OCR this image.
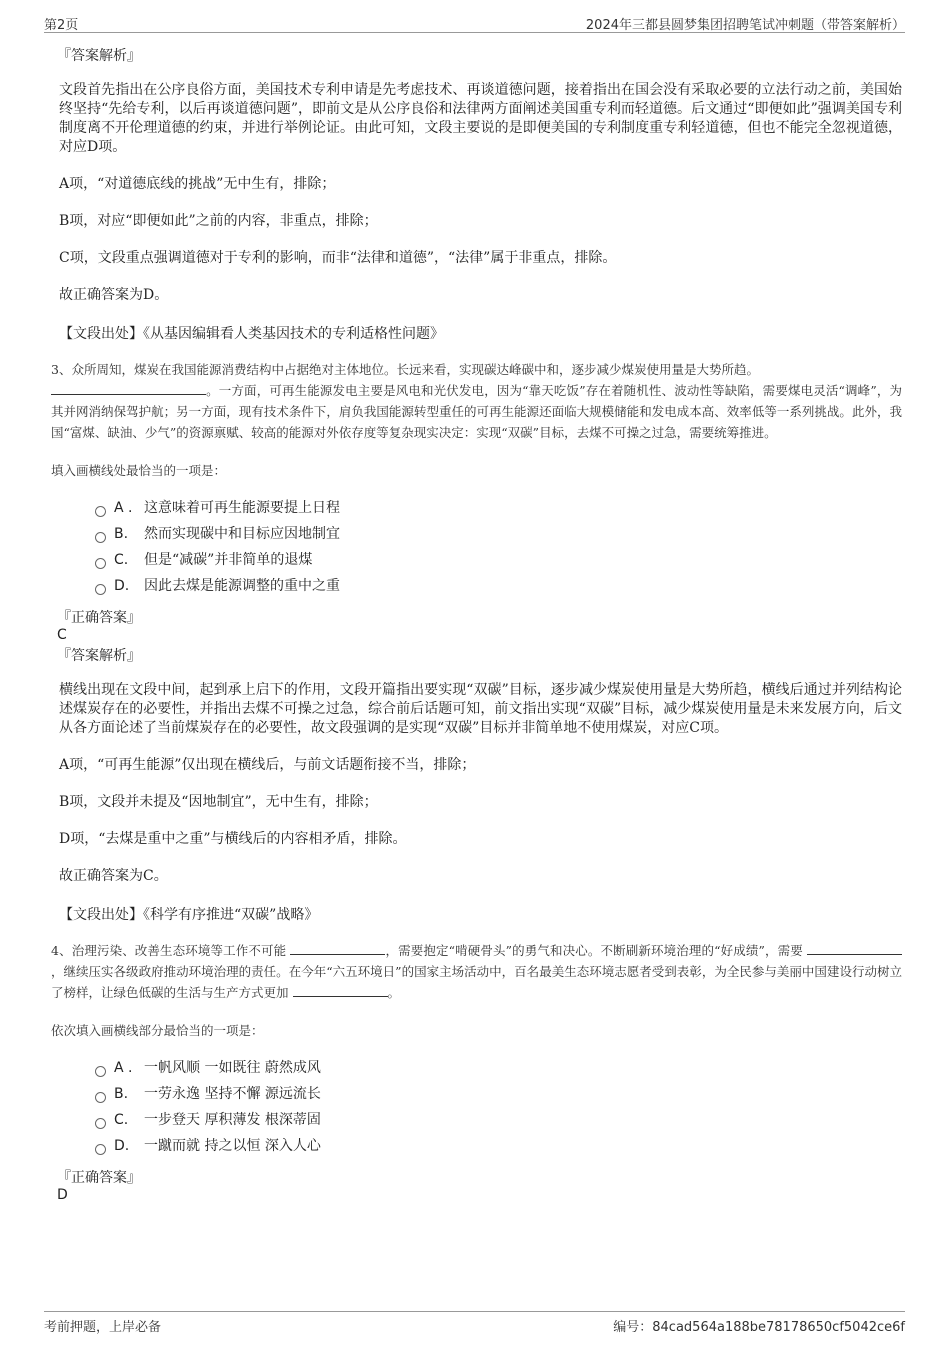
第2页	2024年三都县圆梦集团招聘笔试冲刺题（带答案解析）

『答案解析』

文段首先指出在公序良俗方面，美国技术专利申请是先考虑技术、再谈道德问题，接着指出在国会没有采取必要的立法行动之前，美国始终坚持“先给专利，以后再谈道德问题”，即前文是从公序良俗和法律两方面阐述美国重专利而轻道德。后文通过“即便如此”强调美国专利制度离不开伦理道德的约束，并进行举例论证。由此可知，文段主要说的是即便美国的专利制度重专利轻道德，但也不能完全忽视道德，对应D项。

A项，“对道德底线的挑战”无中生有，排除；

B项，对应“即便如此”之前的内容，非重点，排除；

C项，文段重点强调道德对于专利的影响，而非“法律和道德”，“法律”属于非重点，排除。

故正确答案为D。

【文段出处】《从基因编辑看人类基因技术的专利适格性问题》

3、众所周知，煤炭在我国能源消费结构中占据绝对主体地位。长远来看，实现碳达峰碳中和，逐步减少煤炭使用量是大势所趋。
。一方面，可再生能源发电主要是风电和光伏发电，因为“靠天吃饭”存在着随机性、波动性等缺陷，需要煤电灵活“调峰”，为其并网消纳保驾护航；另一方面，现有技术条件下，肩负我国能源转型重任的可再生能源还面临大规模储能和发电成本高、效率低等一系列挑战。此外，我国“富煤、缺油、少气”的资源禀赋、较高的能源对外依存度等复杂现实决定：实现“双碳”目标，去煤不可操之过急，需要统筹推进。

填入画横线处最恰当的一项是：

A . 这意味着可再生能源要提上日程
B. 然而实现碳中和目标应因地制宜
C. 但是“减碳”并非简单的退煤
D. 因此去煤是能源调整的重中之重

『正确答案』

C

『答案解析』

横线出现在文段中间，起到承上启下的作用，文段开篇指出要实现“双碳”目标，逐步减少煤炭使用量是大势所趋，横线后通过并列结构论述煤炭存在的必要性，并指出去煤不可操之过急，综合前后话题可知，前文指出实现“双碳”目标，减少煤炭使用量是未来发展方向，后文从各方面论述了当前煤炭存在的必要性，故文段强调的是实现“双碳”目标并非简单地不使用煤炭，对应C项。

A项，“可再生能源”仅出现在横线后，与前文话题衔接不当，排除；

B项，文段并未提及“因地制宜”，无中生有，排除；

D项，“去煤是重中之重”与横线后的内容相矛盾，排除。

故正确答案为C。

【文段出处】《科学有序推进“双碳”战略》

4、治理污染、改善生态环境等工作不可能	，需要抱定“啃硬骨头”的勇气和决心。不断刷新环境治理的“好成绩”，需要 ，继续压实各级政府推动环境治理的责任。在今年“六五环境日”的国家主场活动中，百名最美生态环境志愿者受到表彰，为全民参与美丽中国建设行动树立了榜样，让绿色低碳的生活与生产方式更加	。

依次填入画横线部分最恰当的一项是：

A . 一帆风顺 一如既往 蔚然成风
B. 一劳永逸 坚持不懈 源远流长
C. 一步登天 厚积薄发 根深蒂固
D. 一蹴而就 持之以恒 深入人心

『正确答案』

D

考前押题，上岸必备	编号：84cad564a188be78178650cf5042ce6f
